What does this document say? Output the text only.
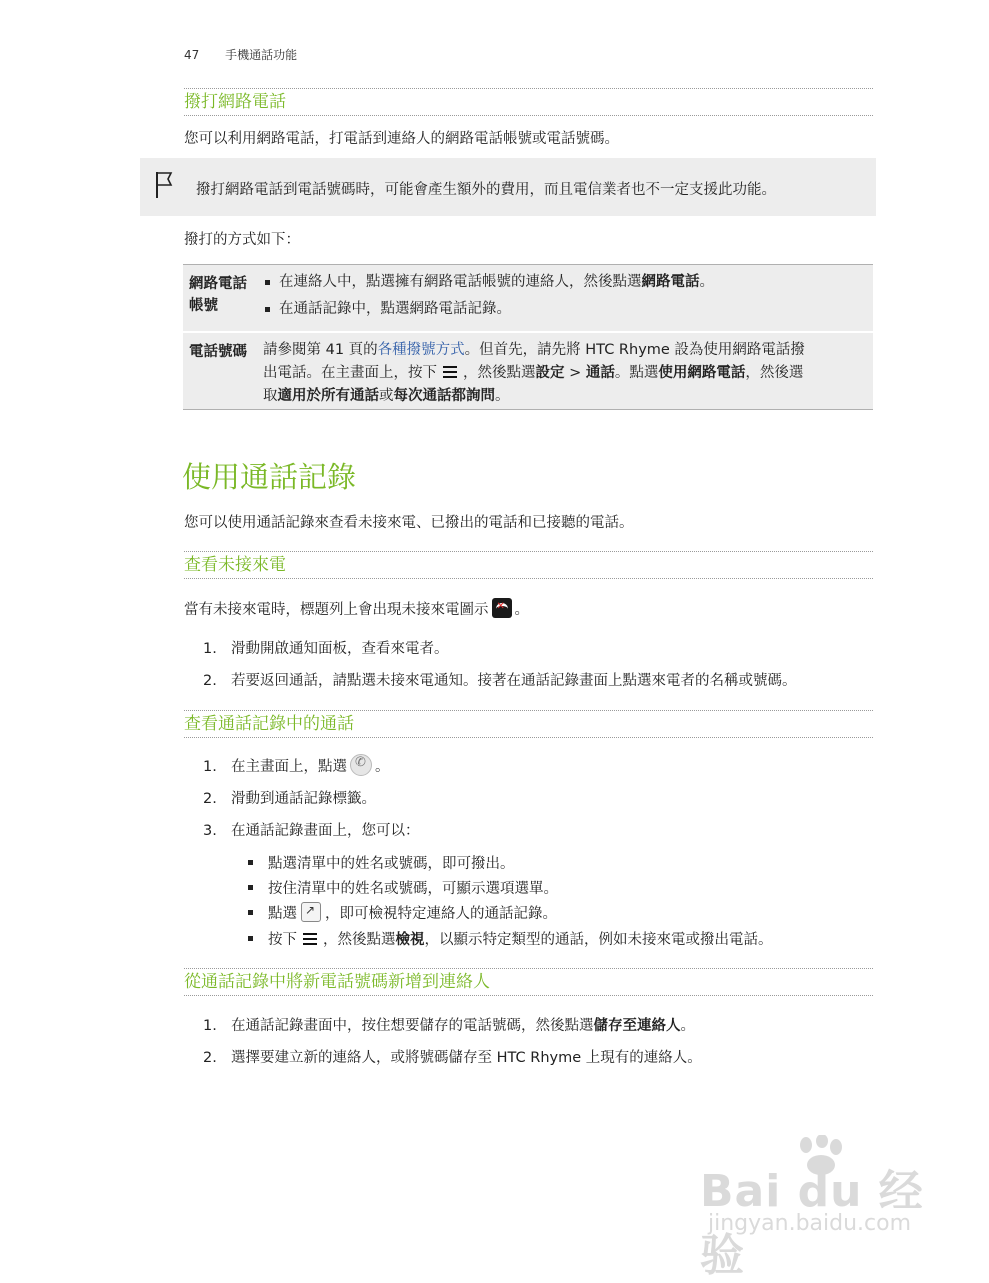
47 手機通話功能
撥打網路電話
您可以利用網路電話，打電話到連絡人的網路電話帳號或電話號碼。
撥打網路電話到電話號碼時，可能會產生額外的費用，而且電信業者也不一定支援此功能。
撥打的方式如下：
網路電話
帳號
在連絡人中，點選擁有網路電話帳號的連絡人，然後點選網路電話。
在通話記錄中，點選網路電話記錄。
電話號碼 請參閱第 41 頁的各種撥號方式。但首先，請先將 HTC Rhyme 設為使用網路電話撥
出電話。在主畫面上，按下 ，然後點選設定 > 通話。點選使用網路電話，然後選
取適用於所有通話或每次通話都詢問。
使用通話記錄
您可以使用通話記錄來查看未接來電、已撥出的電話和已接聽的電話。
查看未接來電
當有未接來電時，標題列上會出現未接來電圖示 ✕ 。
1. 滑動開啟通知面板，查看來電者。
2. 若要返回通話，請點選未接來電通知。接著在通話記錄畫面上點選來電者的名稱或號碼。
查看通話記錄中的通話
1. 在主畫面上，點選 ✆ 。
2. 滑動到通話記錄標籤。
3. 在通話記錄畫面上，您可以：
點選清單中的姓名或號碼，即可撥出。
按住清單中的姓名或號碼，可顯示選項選單。
點選 ↗ ，即可檢視特定連絡人的通話記錄。
按下 ，然後點選檢視，以顯示特定類型的通話，例如未接來電或撥出電話。
從通話記錄中將新電話號碼新增到連絡人
1. 在通話記錄畫面中，按住想要儲存的電話號碼，然後點選儲存至連絡人。
2. 選擇要建立新的連絡人，或將號碼儲存至 HTC Rhyme 上現有的連絡人。
Bai du 经验
jingyan.baidu.com
